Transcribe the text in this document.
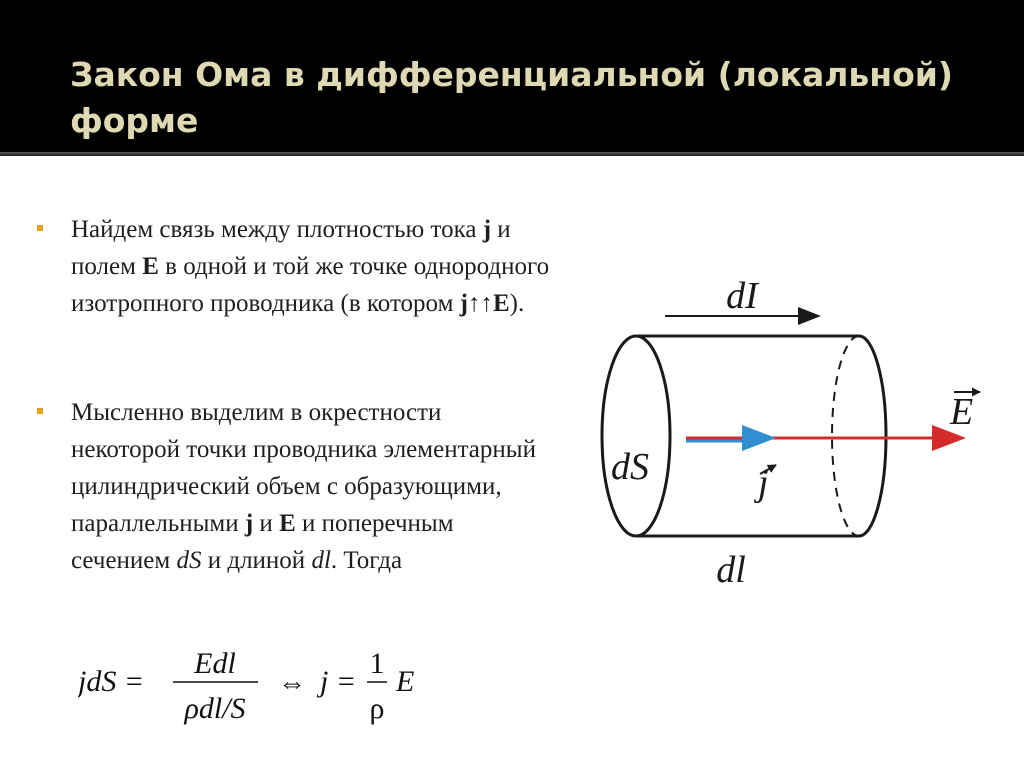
Закон Ома в дифференциальной (локальной) форме

Найдем связь между плотностью тока j и полем E в одной и той же точке однородного изотропного проводника (в котором j↑↑E).

Мысленно выделим в окрестности некоторой точки проводника элементарный цилиндрический объем с образующими, параллельными j и E и поперечным сечением dS и длиной dl. Тогда

jdS =
Edl
ρdl/S
⇔ j =
1
ρ
E
dI
dS	j
E
dl
